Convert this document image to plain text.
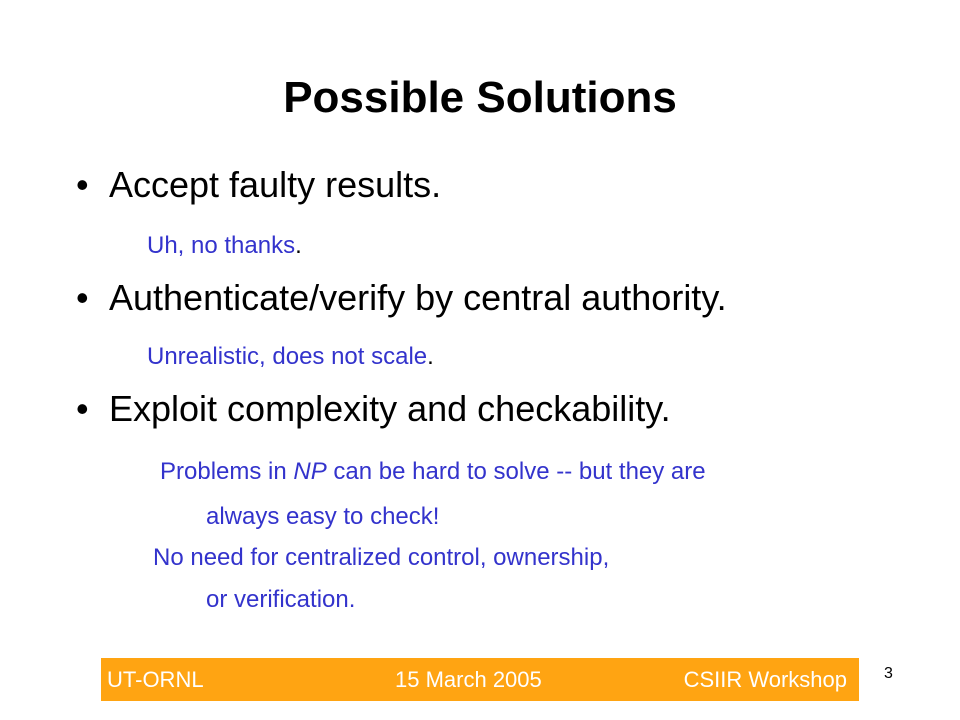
Possible Solutions
• Accept faulty results.
Uh, no thanks.
• Authenticate/verify by central authority.
Unrealistic, does not scale.
• Exploit complexity and checkability.
Problems in NP can be hard to solve -- but they are
always easy to check!
No need for centralized control, ownership,
or verification.
UT-ORNL	15 March 2005	CSIIR Workshop 3
